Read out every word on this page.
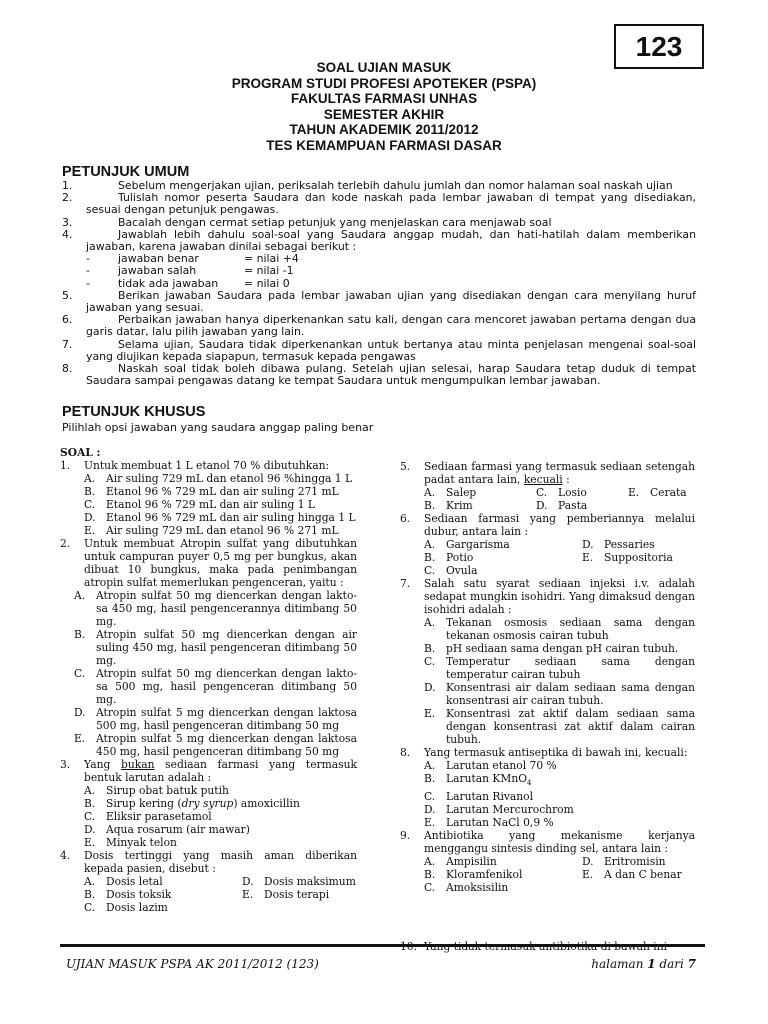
123
SOAL UJIAN MASUK
PROGRAM STUDI PROFESI APOTEKER (PSPA)
FAKULTAS FARMASI UNHAS
SEMESTER AKHIR
TAHUN AKADEMIK 2011/2012
TES KEMAMPUAN FARMASI DASAR
PETUNJUK UMUM
1.	Sebelum mengerjakan ujian, periksalah terlebih dahulu jumlah dan nomor halaman soal naskah ujian
2.	Tulislah nomor peserta Saudara dan kode naskah pada lembar jawaban di tempat yang disediakan, sesuai dengan petunjuk pengawas.
3.	Bacalah dengan cermat setiap petunjuk yang menjelaskan cara menjawab soal
4.	Jawablah lebih dahulu soal-soal yang Saudara anggap mudah, dan hati-hatilah dalam memberikan jawaban, karena jawaban dinilai sebagai berikut :
-	jawaban benar	= nilai +4
-	jawaban salah	= nilai -1
-	tidak ada jawaban	= nilai 0
5.	Berikan jawaban Saudara pada lembar jawaban ujian yang disediakan dengan cara menyilang huruf jawaban yang sesuai.
6.	Perbaikan jawaban hanya diperkenankan satu kali, dengan cara mencoret jawaban pertama dengan dua garis datar, lalu pilih jawaban yang lain.
7.	Selama ujian, Saudara tidak diperkenankan untuk bertanya atau minta penjelasan mengenai soal-soal yang diujikan kepada siapapun, termasuk kepada pengawas
8.	Naskah soal tidak boleh dibawa pulang. Setelah ujian selesai, harap Saudara tetap duduk di tempat Saudara sampai pengawas datang ke tempat Saudara untuk mengumpulkan lembar jawaban.
PETUNJUK KHUSUS
Pilihlah opsi jawaban yang saudara anggap paling benar
SOAL :
1.	Untuk membuat 1 L etanol 70 % dibutuhkan:
A.	Air suling 729 mL dan etanol 96 %hingga 1 L
B.	Etanol 96 % 729 mL dan air suling 271 mL
C.	Etanol 96 % 729 mL dan air suling 1 L
D. Etanol 96 % 729 mL dan air suling hingga 1 L
E.	Air suling 729 mL dan etanol 96 % 271 mL
2.	Untuk membuat Atropin sulfat yang dibutuhkan untuk campuran puyer 0,5 mg per bungkus, akan dibuat 10 bungkus, maka pada penimbangan atropin sulfat memerlukan pengenceran, yaitu :
A.	Atropin sulfat 50 mg diencerkan dengan lakto- sa 450 mg, hasil pengencerannya ditimbang 50 mg.
B.	Atropin sulfat 50 mg diencerkan dengan air suling 450 mg, hasil pengenceran ditimbang 50 mg.
C.	Atropin sulfat 50 mg diencerkan dengan lakto- sa 500 mg, hasil pengenceran ditimbang 50 mg.
D. Atropin sulfat 5 mg diencerkan dengan laktosa 500 mg, hasil pengenceran ditimbang 50 mg
E.	Atropin sulfat 5 mg diencerkan dengan laktosa 450 mg, hasil pengenceran ditimbang 50 mg
3.	Yang bukan sediaan farmasi yang termasuk bentuk larutan adalah :
A.	Sirup obat batuk putih
B.	Sirup kering (dry syrup) amoxicillin
C.	Eliksir parasetamol
D. Aqua rosarum (air mawar)
E.	Minyak telon
4.	Dosis tertinggi yang masih aman diberikan kepada pasien, disebut :
A.	Dosis letal	D. Dosis maksimum
B.	Dosis toksik	E.	Dosis terapi
C.	Dosis lazim
5.	Sediaan farmasi yang termasuk sediaan setengah padat antara lain, kecuali :
A.	Salep	C.	Losio	E.	Cerata
B.	Krim	D. Pasta
6.	Sediaan farmasi yang pemberiannya melalui dubur, antara lain :
A.	Gargarisma	D. Pessaries
B.	Potio	E.	Suppositoria
C.	Ovula
7.	Salah satu syarat sediaan injeksi i.v. adalah sedapat mungkin isohidri. Yang dimaksud dengan isohidri adalah :
A.	Tekanan osmosis sediaan sama dengan tekanan osmosis cairan tubuh
B.	pH sediaan sama dengan pH cairan tubuh.
C.	Temperatur sediaan sama dengan temperatur cairan tubuh
D. Konsentrasi air dalam sediaan sama dengan konsentrasi air cairan tubuh.
E.	Konsentrasi zat aktif dalam sediaan sama dengan konsentrasi zat aktif dalam cairan tubuh.
8.	Yang termasuk antiseptika di bawah ini, kecuali:
A.	Larutan etanol 70 %
B.	Larutan KMnO$_4$
C.	Larutan Rivanol
D. Larutan Mercurochrom
E.	Larutan NaCl 0,9 %
9.	Antibiotika yang mekanisme kerjanya menggangu sintesis dinding sel, antara lain :
A.	Ampisilin	D. Eritromisin
B.	Kloramfenikol	E.	A dan C benar
C.	Amoksisilin
10. Yang tidak termasuk antibiotika di bawah ini
UJIAN MASUK PSPA AK 2011/2012 (123)	halaman 1 dari 7
